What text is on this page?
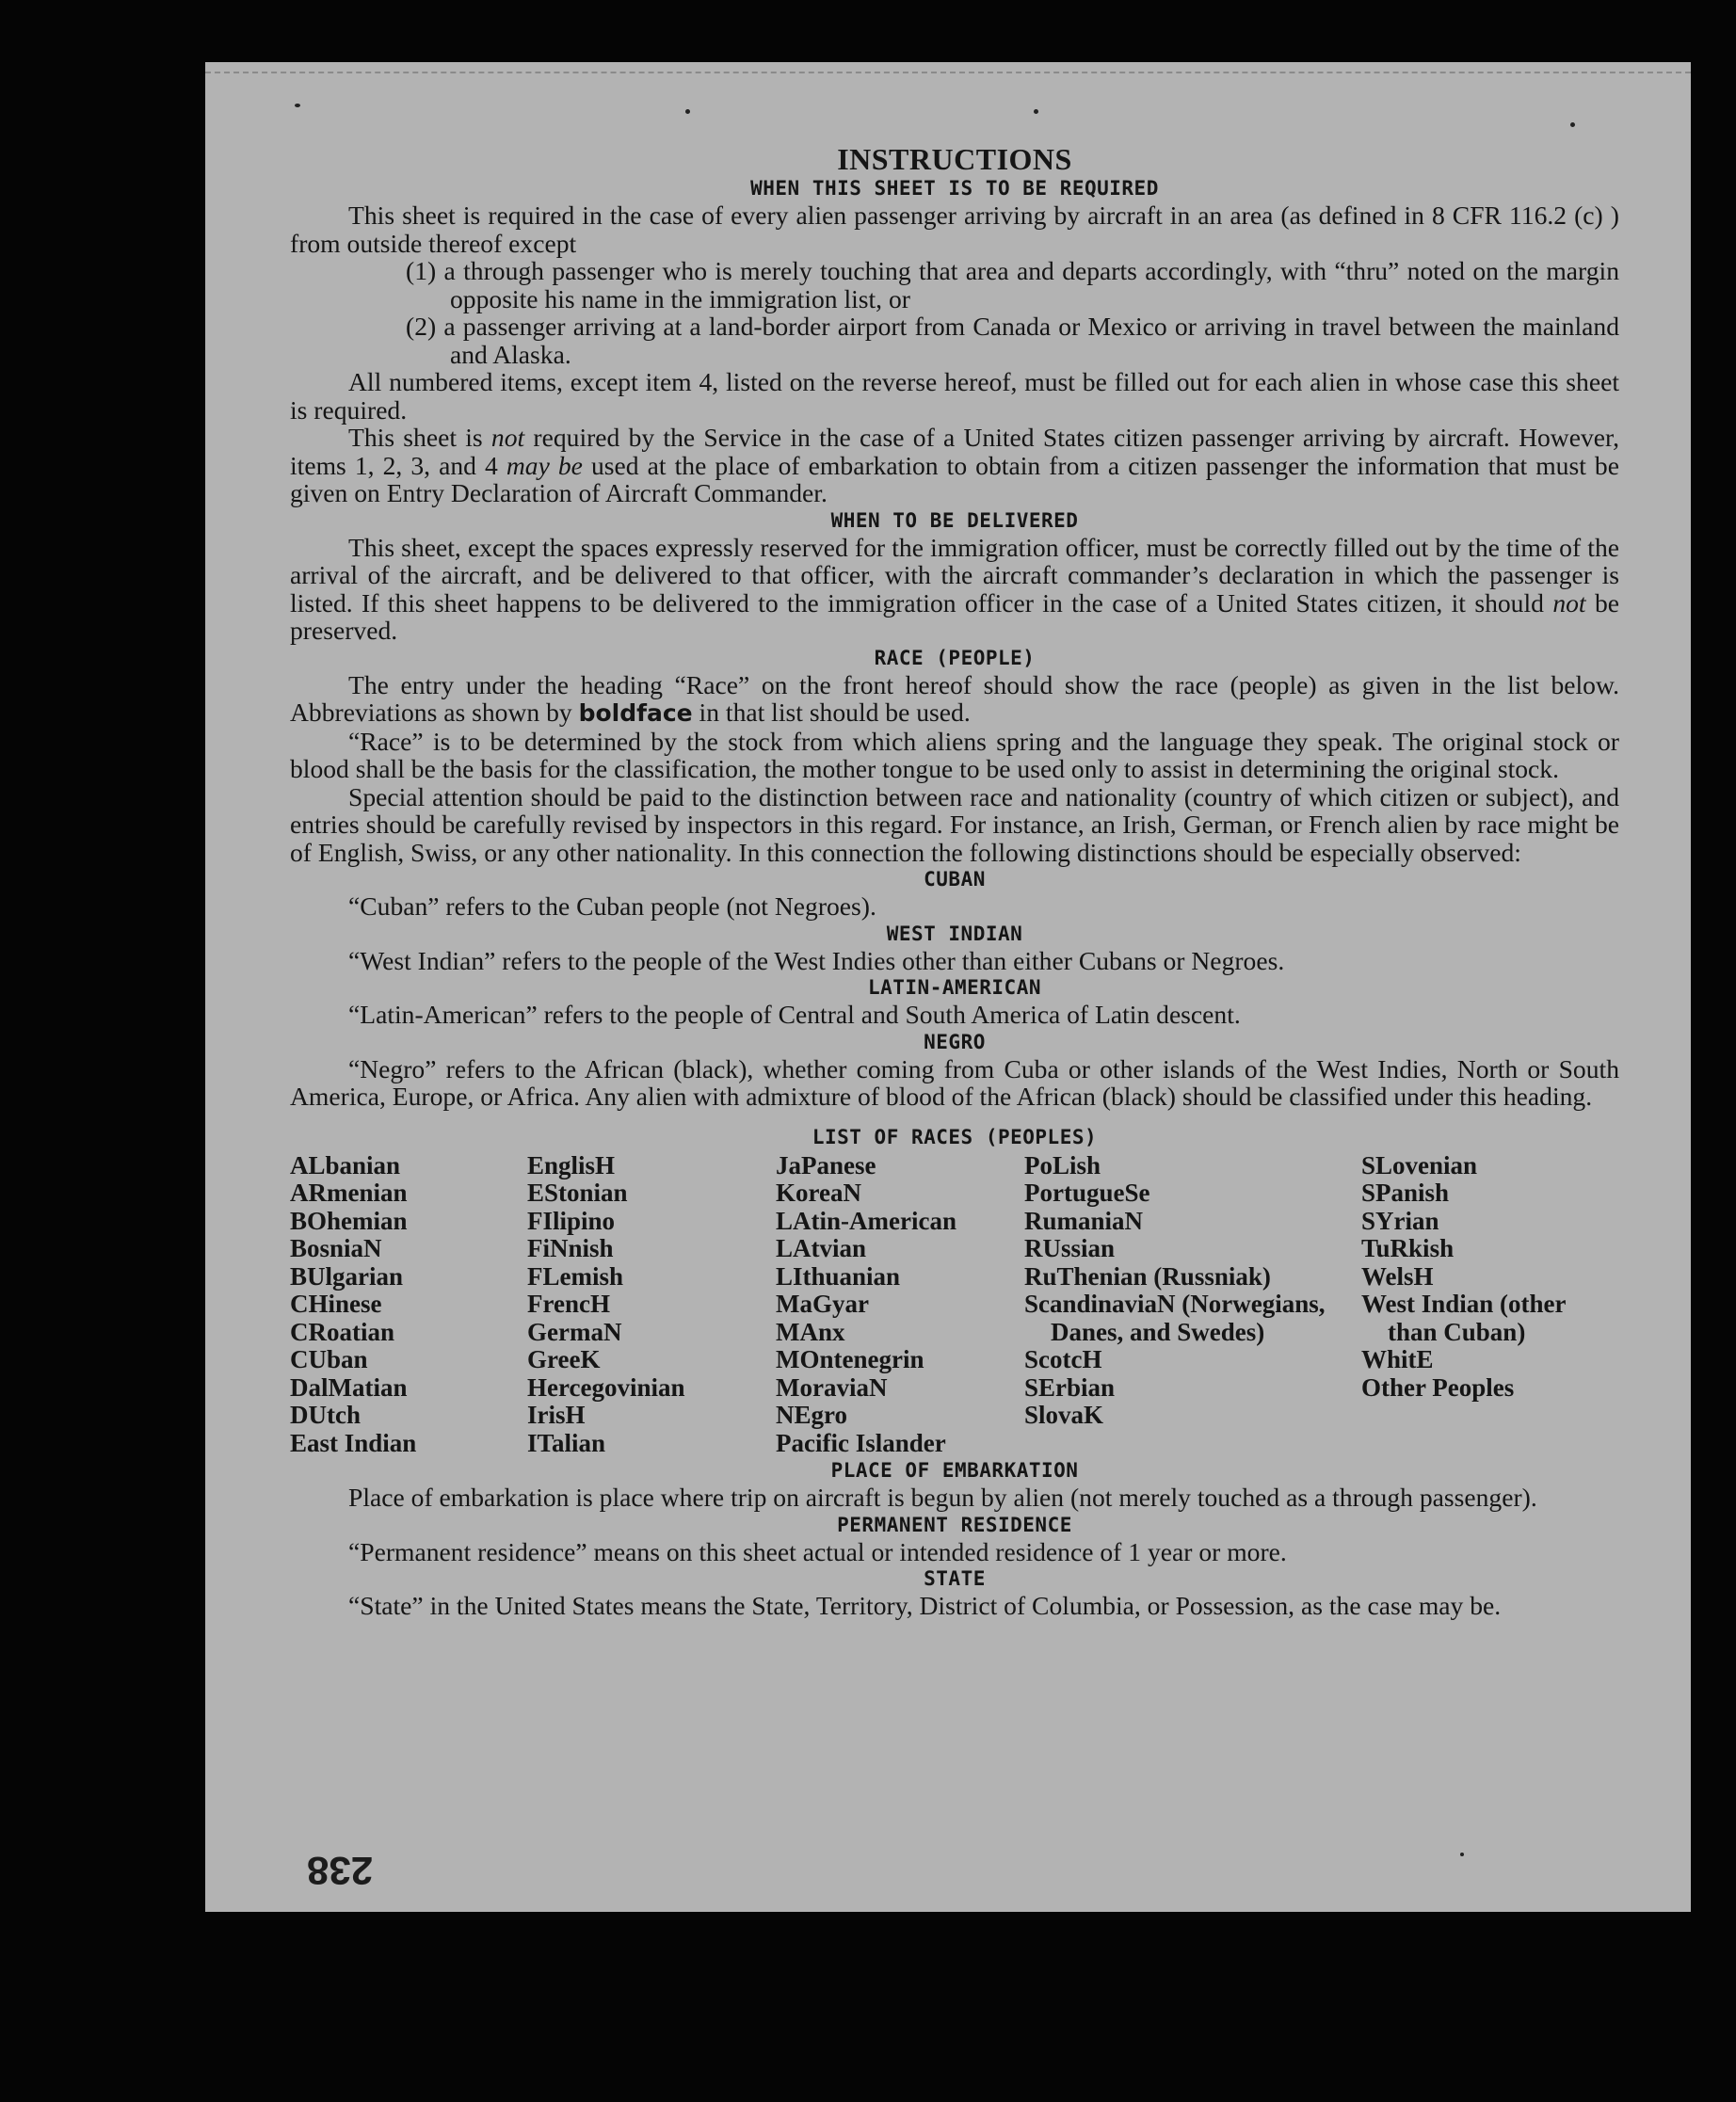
INSTRUCTIONS
WHEN THIS SHEET IS TO BE REQUIRED

This sheet is required in the case of every alien passenger arriving by aircraft in an area (as defined in 8 CFR 116.2 (c) ) from outside thereof except

(1) a through passenger who is merely touching that area and departs accordingly, with “thru” noted on the margin opposite his name in the immigration list, or

(2) a passenger arriving at a land-border airport from Canada or Mexico or arriving in travel between the mainland and Alaska.

All numbered items, except item 4, listed on the reverse hereof, must be filled out for each alien in whose case this sheet is required.

This sheet is not required by the Service in the case of a United States citizen passenger arriving by aircraft. However, items 1, 2, 3, and 4 may be used at the place of embarkation to obtain from a citizen passenger the information that must be given on Entry Declaration of Aircraft Commander.

WHEN TO BE DELIVERED

This sheet, except the spaces expressly reserved for the immigration officer, must be correctly filled out by the time of the arrival of the aircraft, and be delivered to that officer, with the aircraft commander’s declaration in which the passenger is listed. If this sheet happens to be delivered to the immigration officer in the case of a United States citizen, it should not be preserved.

RACE (PEOPLE)

The entry under the heading “Race” on the front hereof should show the race (people) as given in the list below. Abbreviations as shown by boldface in that list should be used.

“Race” is to be determined by the stock from which aliens spring and the language they speak. The original stock or blood shall be the basis for the classification, the mother tongue to be used only to assist in determining the original stock.

Special attention should be paid to the distinction between race and nationality (country of which citizen or subject), and entries should be carefully revised by inspectors in this regard. For instance, an Irish, German, or French alien by race might be of English, Swiss, or any other nationality. In this connection the following distinctions should be especially observed:

CUBAN

“Cuban” refers to the Cuban people (not Negroes).

WEST INDIAN

“West Indian” refers to the people of the West Indies other than either Cubans or Negroes.

LATIN-AMERICAN

“Latin-American” refers to the people of Central and South America of Latin descent.

NEGRO

“Negro” refers to the African (black), whether coming from Cuba or other islands of the West Indies, North or South America, Europe, or Africa. Any alien with admixture of blood of the African (black) should be classified under this heading.

LIST OF RACES (PEOPLES)
ALbanian
ARmenian
BOhemian
BosniaN
BUlgarian
CHinese
CRoatian
CUban
DalMatian
DUtch
East Indian
EnglisH
EStonian
FIlipino
FiNnish
FLemish
FrencH
GermaN
GreeK
Hercegovinian
IrisH
ITalian
JaPanese
KoreaN
LAtin-American
LAtvian
LIthuanian
MaGyar
MAnx
MOntenegrin
MoraviaN
NEgro
Pacific Islander
PoLish
PortugueSe
RumaniaN
RUssian
RuThenian (Russniak)
ScandinaviaN (Norwegians, Danes, and Swedes)
ScotcH
SErbian
SlovaK
SLovenian
SPanish
SYrian
TuRkish
WelsH
West Indian (other than Cuban)
WhitE
Other Peoples
PLACE OF EMBARKATION

Place of embarkation is place where trip on aircraft is begun by alien (not merely touched as a through passenger).

PERMANENT RESIDENCE

“Permanent residence” means on this sheet actual or intended residence of 1 year or more.

STATE

“State” in the United States means the State, Territory, District of Columbia, or Possession, as the case may be.

238
